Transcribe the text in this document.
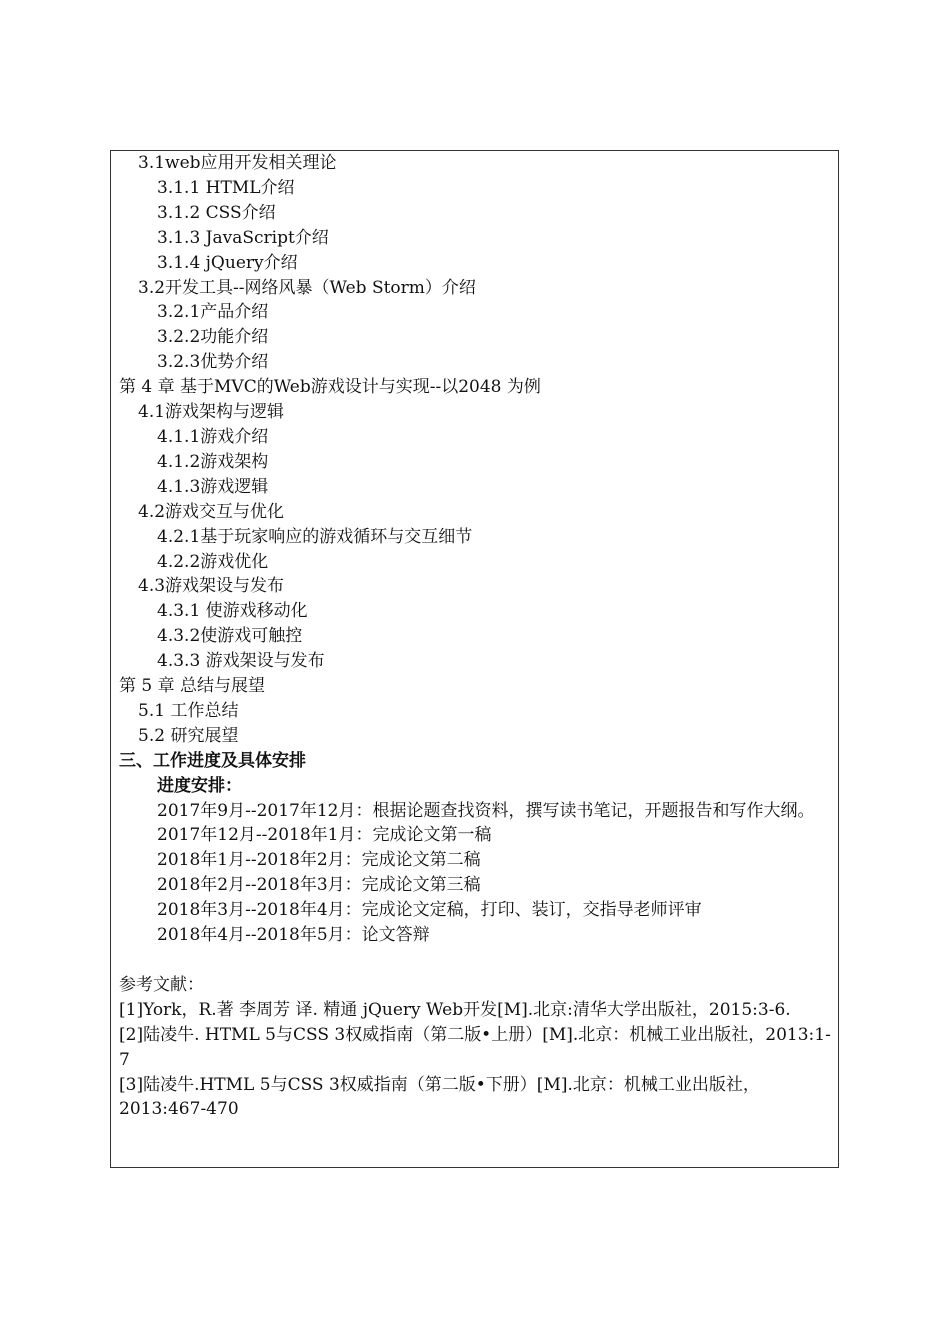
3.1web应用开发相关理论
3.1.1 HTML介绍
3.1.2 CSS介绍
3.1.3 JavaScript介绍
3.1.4 jQuery介绍
3.2开发工具--网络风暴（Web Storm）介绍
3.2.1产品介绍
3.2.2功能介绍
3.2.3优势介绍
第 4 章 基于MVC的Web游戏设计与实现--以2048 为例
4.1游戏架构与逻辑
4.1.1游戏介绍
4.1.2游戏架构
4.1.3游戏逻辑
4.2游戏交互与优化
4.2.1基于玩家响应的游戏循环与交互细节
4.2.2游戏优化
4.3游戏架设与发布
4.3.1 使游戏移动化
4.3.2使游戏可触控
4.3.3 游戏架设与发布
第 5 章 总结与展望
5.1 工作总结
5.2 研究展望
三、工作进度及具体安排
进度安排：
2017年9月--2017年12月：根据论题查找资料，撰写读书笔记，开题报告和写作大纲。
2017年12月--2018年1月：完成论文第一稿
2018年1月--2018年2月：完成论文第二稿
2018年2月--2018年3月：完成论文第三稿
2018年3月--2018年4月：完成论文定稿，打印、装订，交指导老师评审
2018年4月--2018年5月：论文答辩
参考文献：
[1]York，R.著 李周芳 译. 精通 jQuery Web开发[M].北京:清华大学出版社，2015:3-6.
[2]陆凌牛. HTML 5与CSS 3权威指南（第二版•上册）[M].北京：机械工业出版社，2013:1-7
[3]陆凌牛.HTML 5与CSS 3权威指南（第二版•下册）[M].北京：机械工业出版社，2013:467-470
